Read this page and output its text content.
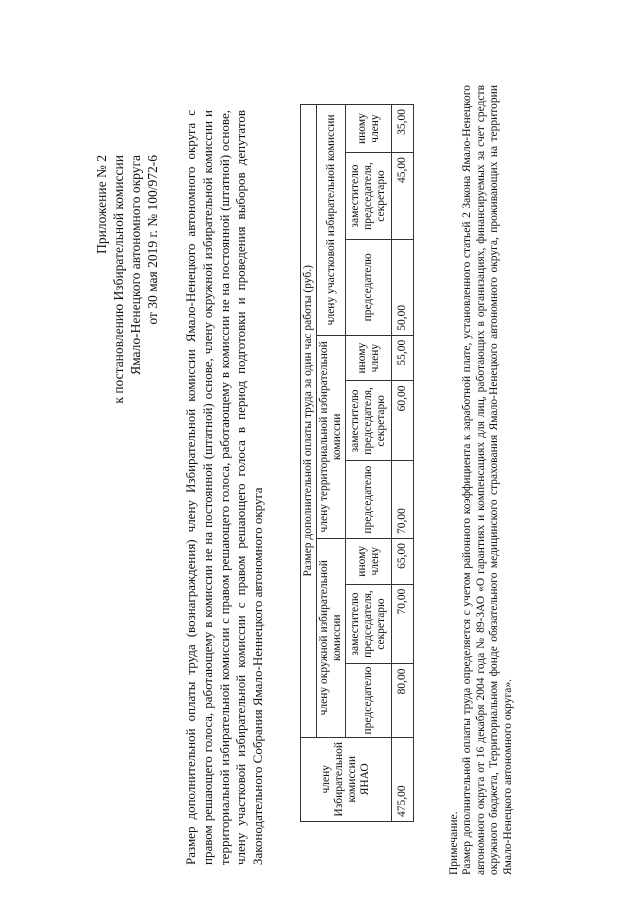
Приложение № 2 к постановлению Избирательной комиссии Ямало-Ненецкого автономного округа от 30 мая 2019 г. № 100/972-6 Размер дополнительной оплаты труда (вознаграждения) члену Избирательной комиссии Ямало-Ненецкого автономного округа с правом решающего голоса, работающему в комиссии не на постоянной (штатной) основе, члену окружной избирательной комиссии и территориальной избирательной комиссии с правом решающего голоса, работающему в комиссии не на постоянной (штатной) основе, члену участковой избирательной комиссии с правом решающего голоса в период подготовки и проведения выборов депутатов Законодательного Собрания Ямало-Неннецкого автономного округа	члену Избирательной комиссии ЯНАО	Размер дополнительной оплаты труда за один час работы (руб.)								
	члену окружной избирательной комиссии			члену территориальной избирательной комиссии			члену участковой избирательной комиссии		
	председателю	заместителю председателя, секретарю	иному члену	председателю	заместителю председателя, секретарю	иному члену	председателю	заместителю председателя, секретарю	иному члену
475,00	80,00	70,00	65,00	70,00	60,00	55,00	50,00	45,00	35,00
Примечание. Размер дополнительной оплаты труда определяется с учетом районного коэффициента к заработной плате, установленного статьей 2 Закона Ямало-Ненецкого автономного округа от 16 декабря 2004 года № 89-ЗАО «О гарантиях и компенсациях для лиц, работающих в организациях, финансируемых за счет средств окружного бюджета, Территориальном фонде обязательного медицинского страхования Ямало-Ненецкого автономного округа, проживающих на территории Ямало-Ненецкого автономного округа».
